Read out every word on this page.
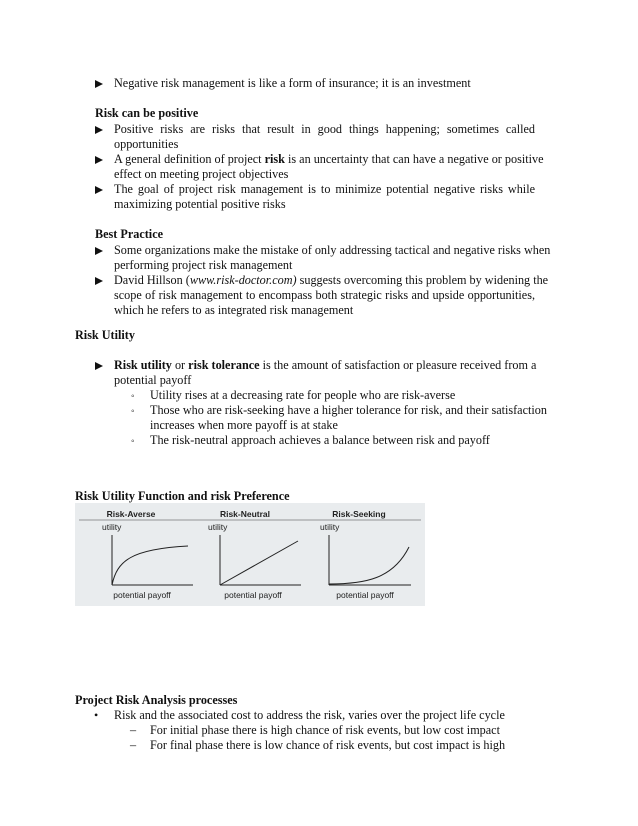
Negative risk management is like a form of insurance; it is an investment
Risk can be positive
Positive risks are risks that result in good things happening; sometimes called
opportunities
A general definition of project risk is an uncertainty that can have a negative or positive
effect on meeting project objectives
The goal of project risk management is to minimize potential negative risks while
maximizing potential positive risks
Best Practice
Some organizations make the mistake of only addressing tactical and negative risks when
performing project risk management
David Hillson (www.risk-doctor.com) suggests overcoming this problem by widening the
scope of risk management to encompass both strategic risks and upside opportunities,
which he refers to as integrated risk management
Risk Utility
Risk utility or risk tolerance is the amount of satisfaction or pleasure received from a
potential payoff
◦ Utility rises at a decreasing rate for people who are risk-averse
◦ Those who are risk-seeking have a higher tolerance for risk, and their satisfaction
increases when more payoff is at stake
◦ The risk-neutral approach achieves a balance between risk and payoff
Risk Utility Function and risk Preference
Risk-Averse	Risk-Neutral	Risk-Seeking
utility	utility	utility
potential payoff	potential payoff	potential payoff
Project Risk Analysis processes
• Risk and the associated cost to address the risk, varies over the project life cycle
– For initial phase there is high chance of risk events, but low cost impact
– For final phase there is low chance of risk events, but cost impact is high
